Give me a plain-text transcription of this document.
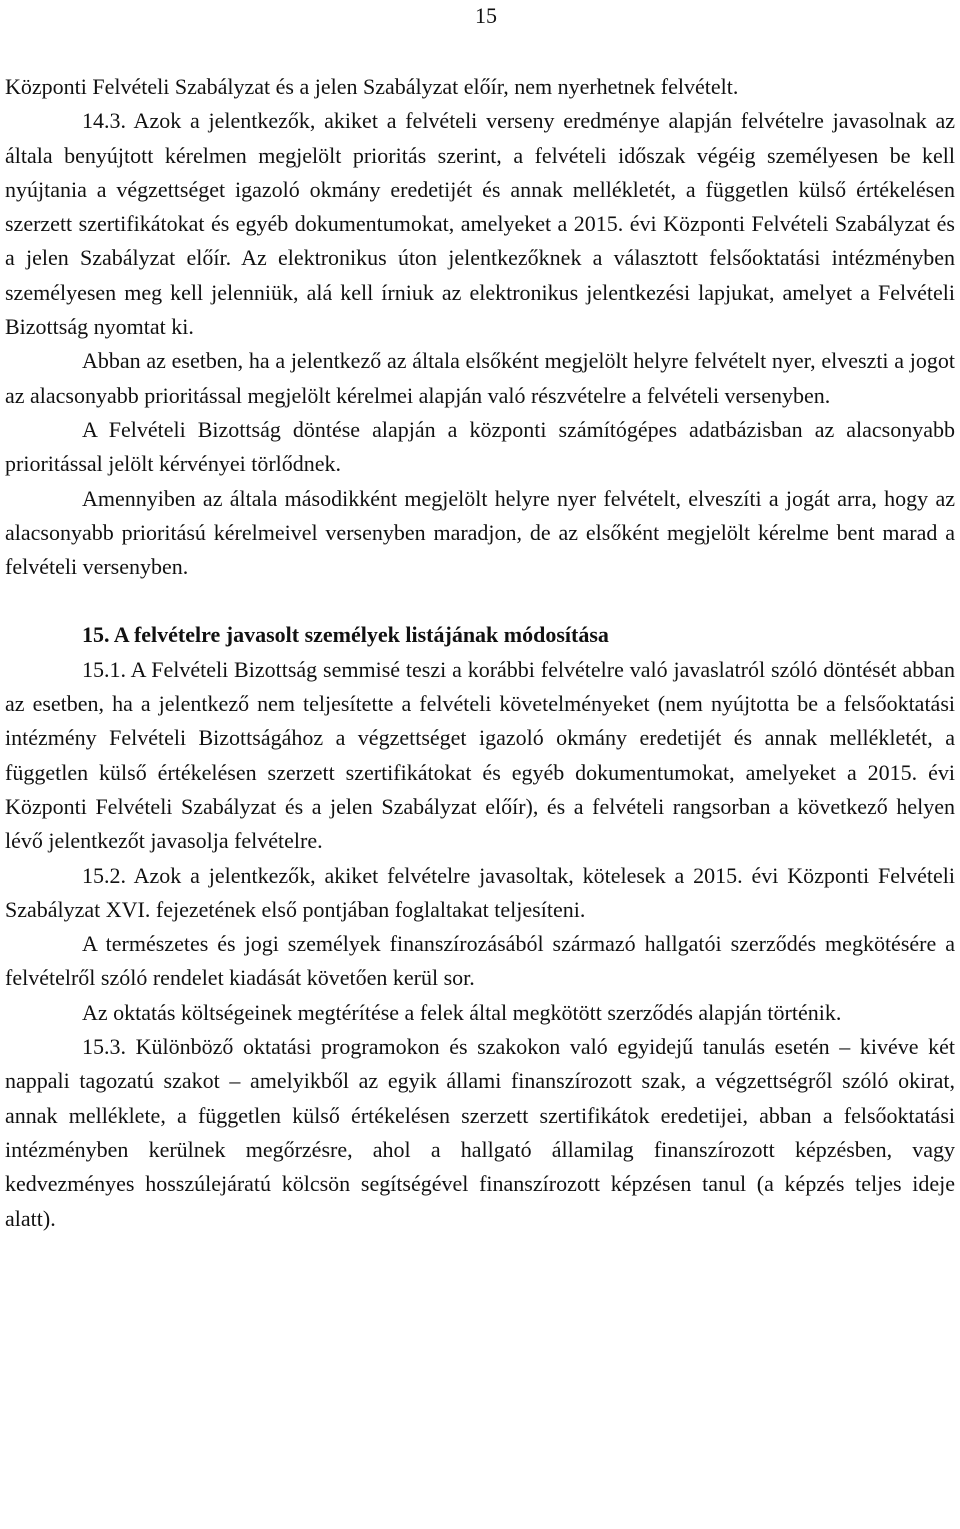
15

Központi Felvételi Szabályzat és a jelen Szabályzat előír, nem nyerhetnek felvételt.

14.3. Azok a jelentkezők, akiket a felvételi verseny eredménye alapján felvételre javasolnak az általa benyújtott kérelmen megjelölt prioritás szerint, a felvételi időszak végéig személyesen be kell nyújtania a végzettséget igazoló okmány eredetijét és annak mellékletét, a független külső értékelésen szerzett szertifikátokat és egyéb dokumentumokat, amelyeket a 2015. évi Központi Felvételi Szabályzat és a jelen Szabályzat előír. Az elektronikus úton jelentkezőknek a választott felsőoktatási intézményben személyesen meg kell jelenniük, alá kell írniuk az elektronikus jelentkezési lapjukat, amelyet a Felvételi Bizottság nyomtat ki.

Abban az esetben, ha a jelentkező az általa elsőként megjelölt helyre felvételt nyer, elveszti a jogot az alacsonyabb prioritással megjelölt kérelmei alapján való részvételre a felvételi versenyben.

A Felvételi Bizottság döntése alapján a központi számítógépes adatbázisban az alacsonyabb prioritással jelölt kérvényei törlődnek.

Amennyiben az általa másodikként megjelölt helyre nyer felvételt, elveszíti a jogát arra, hogy az alacsonyabb prioritású kérelmeivel versenyben maradjon, de az elsőként megjelölt kérelme bent marad a felvételi versenyben.

15. A felvételre javasolt személyek listájának módosítása

15.1. A Felvételi Bizottság semmisé teszi a korábbi felvételre való javaslatról szóló döntését abban az esetben, ha a jelentkező nem teljesítette a felvételi követelményeket (nem nyújtotta be a felsőoktatási intézmény Felvételi Bizottságához a végzettséget igazoló okmány eredetijét és annak mellékletét, a független külső értékelésen szerzett szertifikátokat és egyéb dokumentumokat, amelyeket a 2015. évi Központi Felvételi Szabályzat és a jelen Szabályzat előír), és a felvételi rangsorban a következő helyen lévő jelentkezőt javasolja felvételre.

15.2. Azok a jelentkezők, akiket felvételre javasoltak, kötelesek a 2015. évi Központi Felvételi Szabályzat XVI. fejezetének első pontjában foglaltakat teljesíteni.

A természetes és jogi személyek finanszírozásából származó hallgatói szerződés megkötésére a felvételről szóló rendelet kiadását követően kerül sor.

Az oktatás költségeinek megtérítése a felek által megkötött szerződés alapján történik.

15.3. Különböző oktatási programokon és szakokon való egyidejű tanulás esetén – kivéve két nappali tagozatú szakot – amelyikből az egyik állami finanszírozott szak, a végzettségről szóló okirat, annak melléklete, a független külső értékelésen szerzett szertifikátok eredetijei, abban a felsőoktatási intézményben kerülnek megőrzésre, ahol a hallgató államilag finanszírozott képzésben, vagy kedvezményes hosszúlejáratú kölcsön segítségével finanszírozott képzésen tanul (a képzés teljes ideje alatt).
